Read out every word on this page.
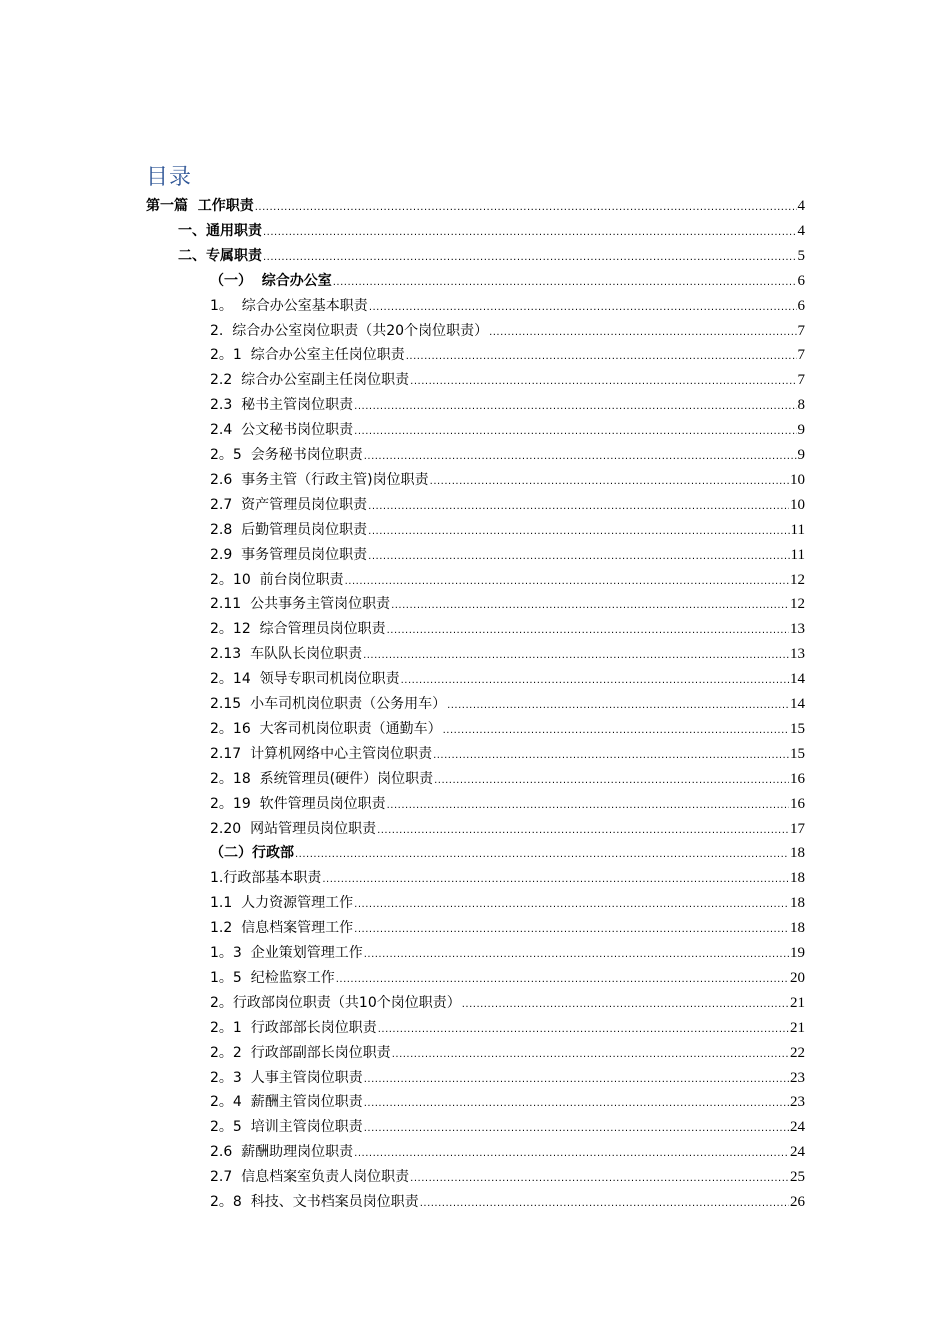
目录
第一篇  工作职责 .....	4
一、通用职责 .....	4
二、专属职责 .....	5
（一）  综合办公室 .....	6
1。  综合办公室基本职责 .....	6
2.  综合办公室岗位职责（共20个岗位职责） .....	7
2。1  综合办公室主任岗位职责 .....	7
2.2  综合办公室副主任岗位职责 .....	7
2.3  秘书主管岗位职责 .....	8
2.4  公文秘书岗位职责 .....	9
2。5  会务秘书岗位职责 .....	9
2.6  事务主管（行政主管)岗位职责 .....	10
2.7  资产管理员岗位职责 .....	10
2.8  后勤管理员岗位职责 .....	11
2.9  事务管理员岗位职责 .....	11
2。10  前台岗位职责 .....	12
2.11  公共事务主管岗位职责 .....	12
2。12  综合管理员岗位职责 .....	13
2.13  车队队长岗位职责 .....	13
2。14  领导专职司机岗位职责 .....	14
2.15  小车司机岗位职责（公务用车） .....	14
2。16  大客司机岗位职责（通勤车） .....	15
2.17  计算机网络中心主管岗位职责 .....	15
2。18  系统管理员(硬件）岗位职责 .....	16
2。19  软件管理员岗位职责 .....	16
2.20  网站管理员岗位职责 .....	17
（二）行政部 .....	18
1.行政部基本职责 .....	18
1.1  人力资源管理工作 .....	18
1.2  信息档案管理工作 .....	18
1。3  企业策划管理工作 .....	19
1。5  纪检监察工作 .....	20
2。行政部岗位职责（共10个岗位职责） .....	21
2。1  行政部部长岗位职责 .....	21
2。2  行政部副部长岗位职责 .....	22
2。3  人事主管岗位职责 .....	23
2。4  薪酬主管岗位职责 .....	23
2。5  培训主管岗位职责 .....	24
2.6  薪酬助理岗位职责 .....	24
2.7  信息档案室负责人岗位职责 .....	25
2。8  科技、文书档案员岗位职责 .....	26
